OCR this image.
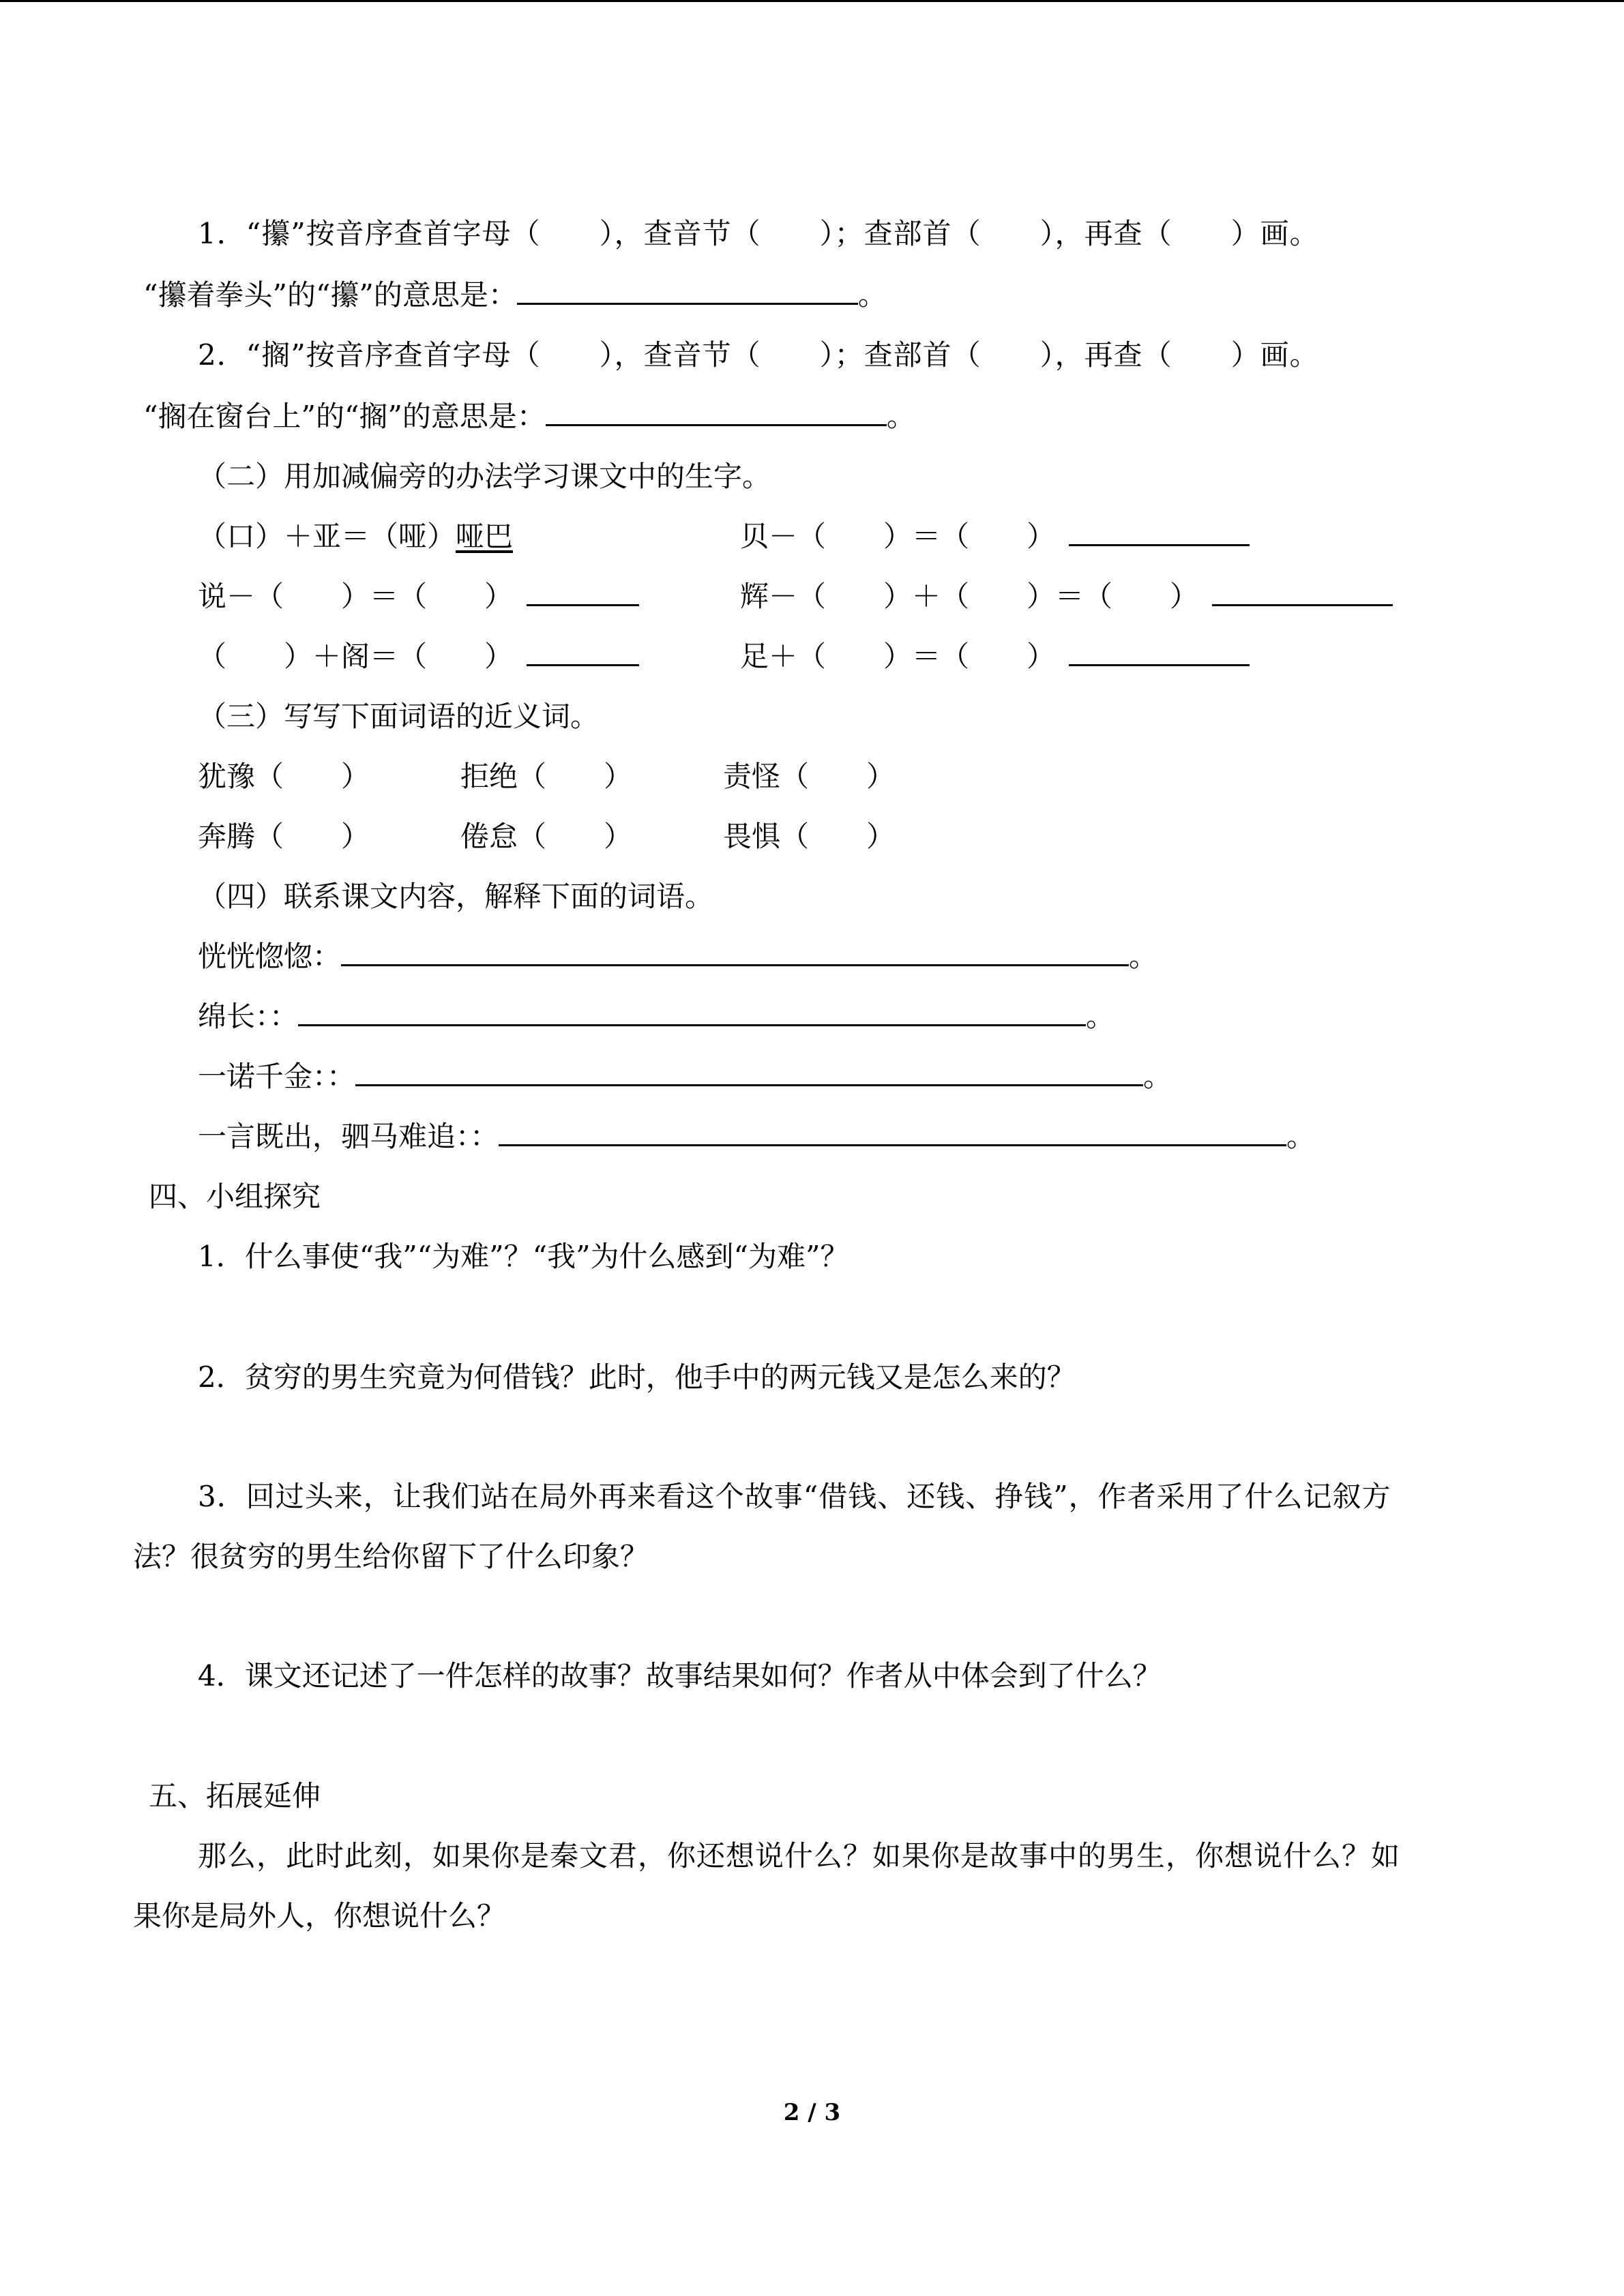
1．“攥”按音序查首字母（　　），查音节（　　）；查部首（　　），再查（　　）画。
“攥着拳头”的“攥”的意思是：	。
2．“搁”按音序查首字母（　　），查音节（　　）；查部首（　　），再查（　　）画。
“搁在窗台上”的“搁”的意思是：	。
（二）用加减偏旁的办法学习课文中的生字。
（口）＋亚＝（哑）哑巴	贝－（　　）＝（　　）
说－（　　）＝（　　）	辉－（　　）＋（　　）＝（　　）
（　　）＋阁＝（　　）	足＋（　　）＝（　　）
（三）写写下面词语的近义词。
犹豫（　　）	拒绝（　　）	责怪（　　）
奔腾（　　）	倦怠（　　）	畏惧（　　）
（四）联系课文内容，解释下面的词语。
恍恍惚惚：	。
绵长：：	。
一诺千金：：	。
一言既出，驷马难追：：	。
四、小组探究
1．什么事使“我”“为难”？“我”为什么感到“为难”？
2．贫穷的男生究竟为何借钱？此时，他手中的两元钱又是怎么来的？
3．回过头来，让我们站在局外再来看这个故事“借钱、还钱、挣钱”，作者采用了什么记叙方
法？很贫穷的男生给你留下了什么印象？
4．课文还记述了一件怎样的故事？故事结果如何？作者从中体会到了什么？
五、拓展延伸
那么，此时此刻，如果你是秦文君，你还想说什么？如果你是故事中的男生，你想说什么？如
果你是局外人，你想说什么？
2 / 3
